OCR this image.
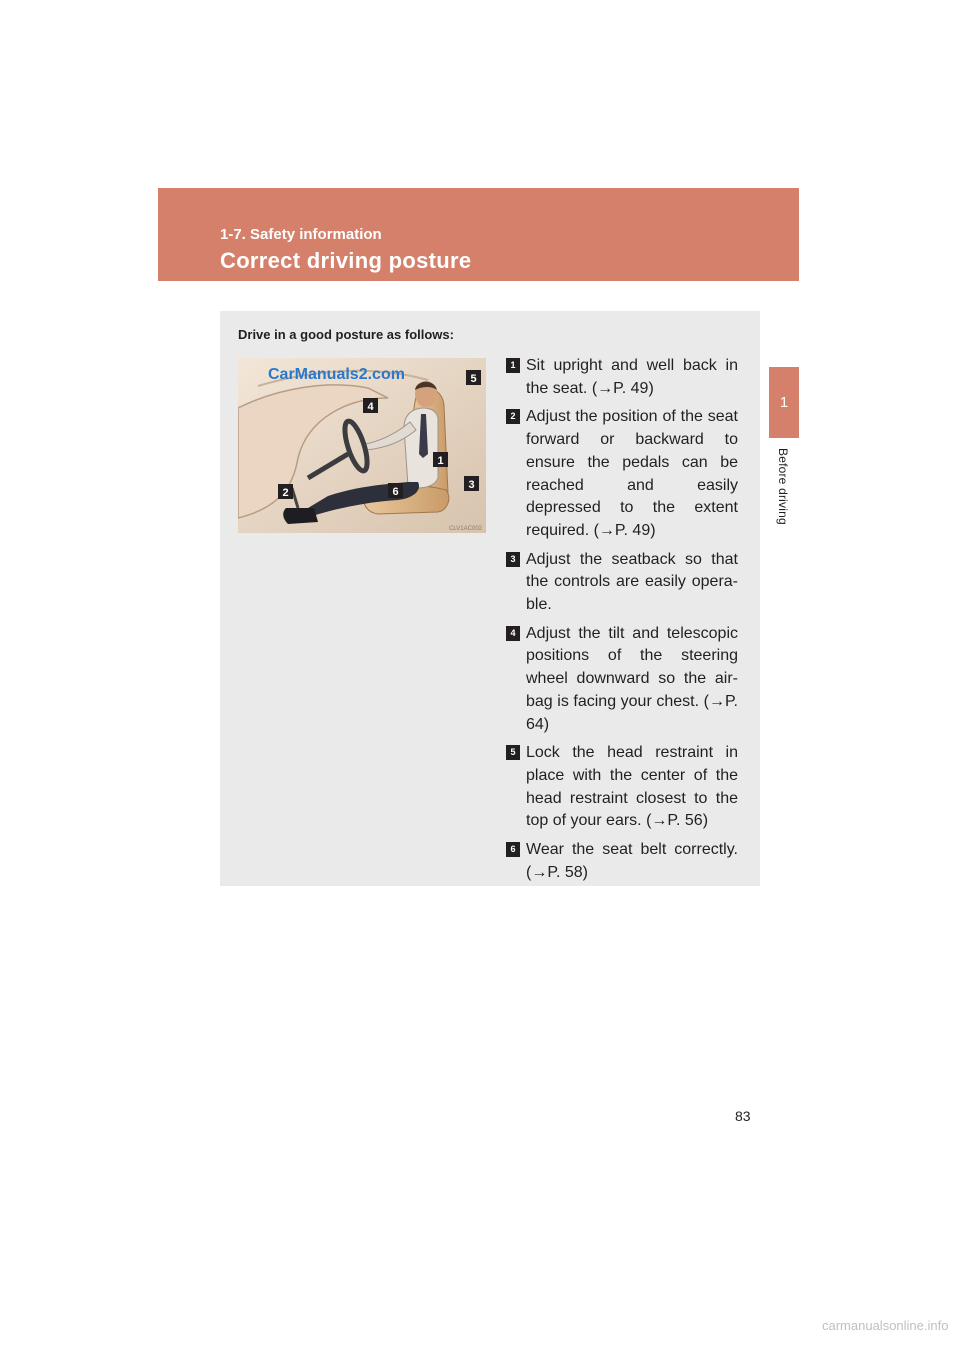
1-7. Safety information
Correct driving posture
1
Before driving
Drive in a good posture as follows:
CarManuals2.com	5
4
1
3
6
2
CLV1AC002
1 Sit upright and well back in the seat. (→P. 49)
2 Adjust the position of the seat forward or backward to ensure the pedals can be reached and easily depressed to the extent required. (→P. 49)
3 Adjust the seatback so that the controls are easily opera-ble.
4 Adjust the tilt and telescopic positions of the steering wheel downward so the air-bag is facing your chest. (→P. 64)
5 Lock the head restraint in place with the center of the head restraint closest to the top of your ears. (→P. 56)
6 Wear the seat belt correctly. (→P. 58)
83
carmanualsonline.info
